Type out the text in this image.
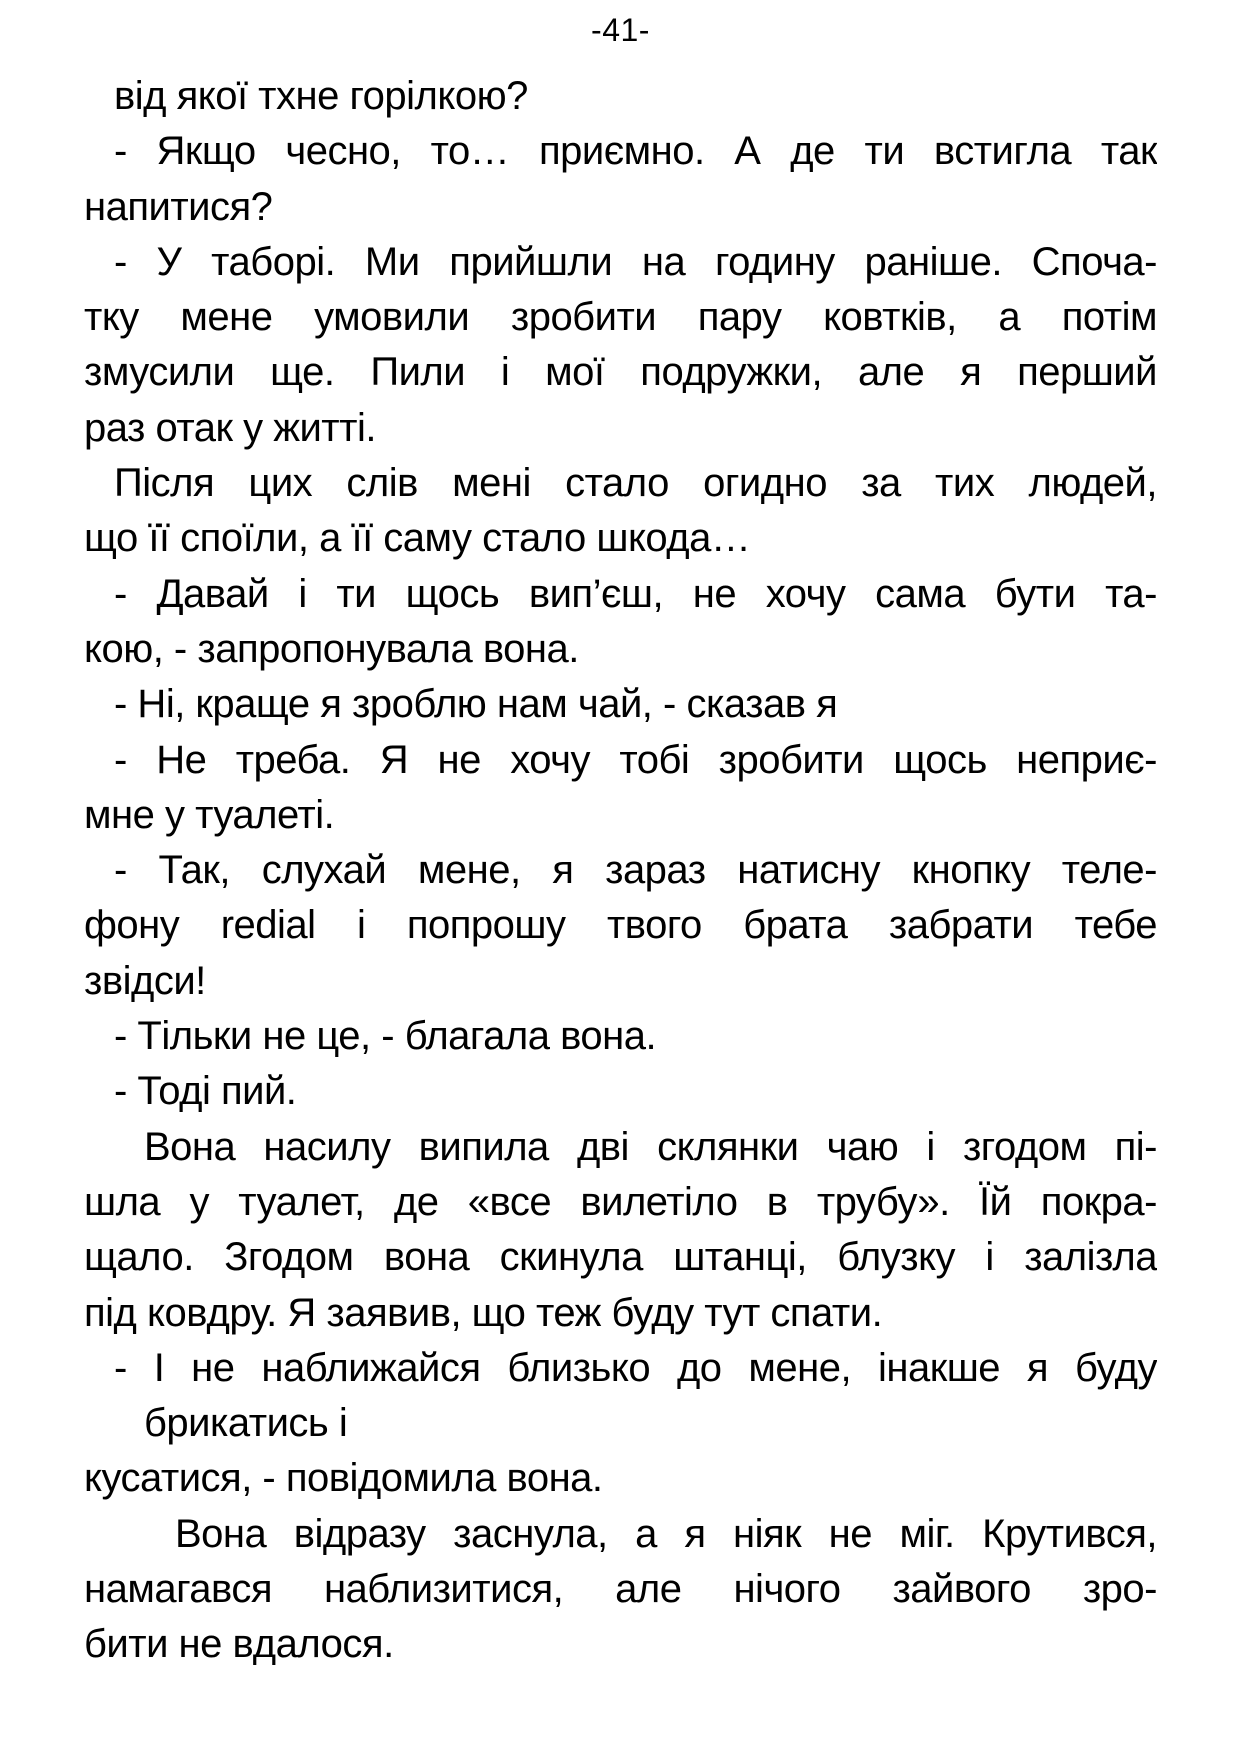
-41-
від якої тхне горілкою?
- Якщо чесно, то… приємно. А де ти встигла так
напитися?
- У таборі. Ми прийшли на годину раніше. Споча-
тку мене умовили зробити пару ковтків, а потім
змусили ще. Пили і мої подружки, але я перший
раз отак у житті.
Після цих слів мені стало огидно за тих людей,
що її споїли, а її саму стало шкода…
- Давай і ти щось вип’єш, не хочу сама бути та-
кою, - запропонувала вона.
- Ні, краще я зроблю нам чай, - сказав я
- Не треба. Я не хочу тобі зробити щось неприє-
мне у туалеті.
- Так, слухай мене, я зараз натисну кнопку теле-
фону redial і попрошу твого брата забрати тебе
звідси!
- Тільки не це, - благала вона.
- Тоді пий.
Вона насилу випила дві склянки чаю і згодом пі-
шла у туалет, де «все вилетіло в трубу». Їй покра-
щало. Згодом вона скинула штанці, блузку і залізла
під ковдру. Я заявив, що теж буду тут спати.
- І не наближайся близько до мене, інакше я буду
брикатись і
кусатися, - повідомила вона.
Вона відразу заснула, а я ніяк не міг. Крутився,
намагався наблизитися, але нічого зайвого зро-
бити не вдалося.
